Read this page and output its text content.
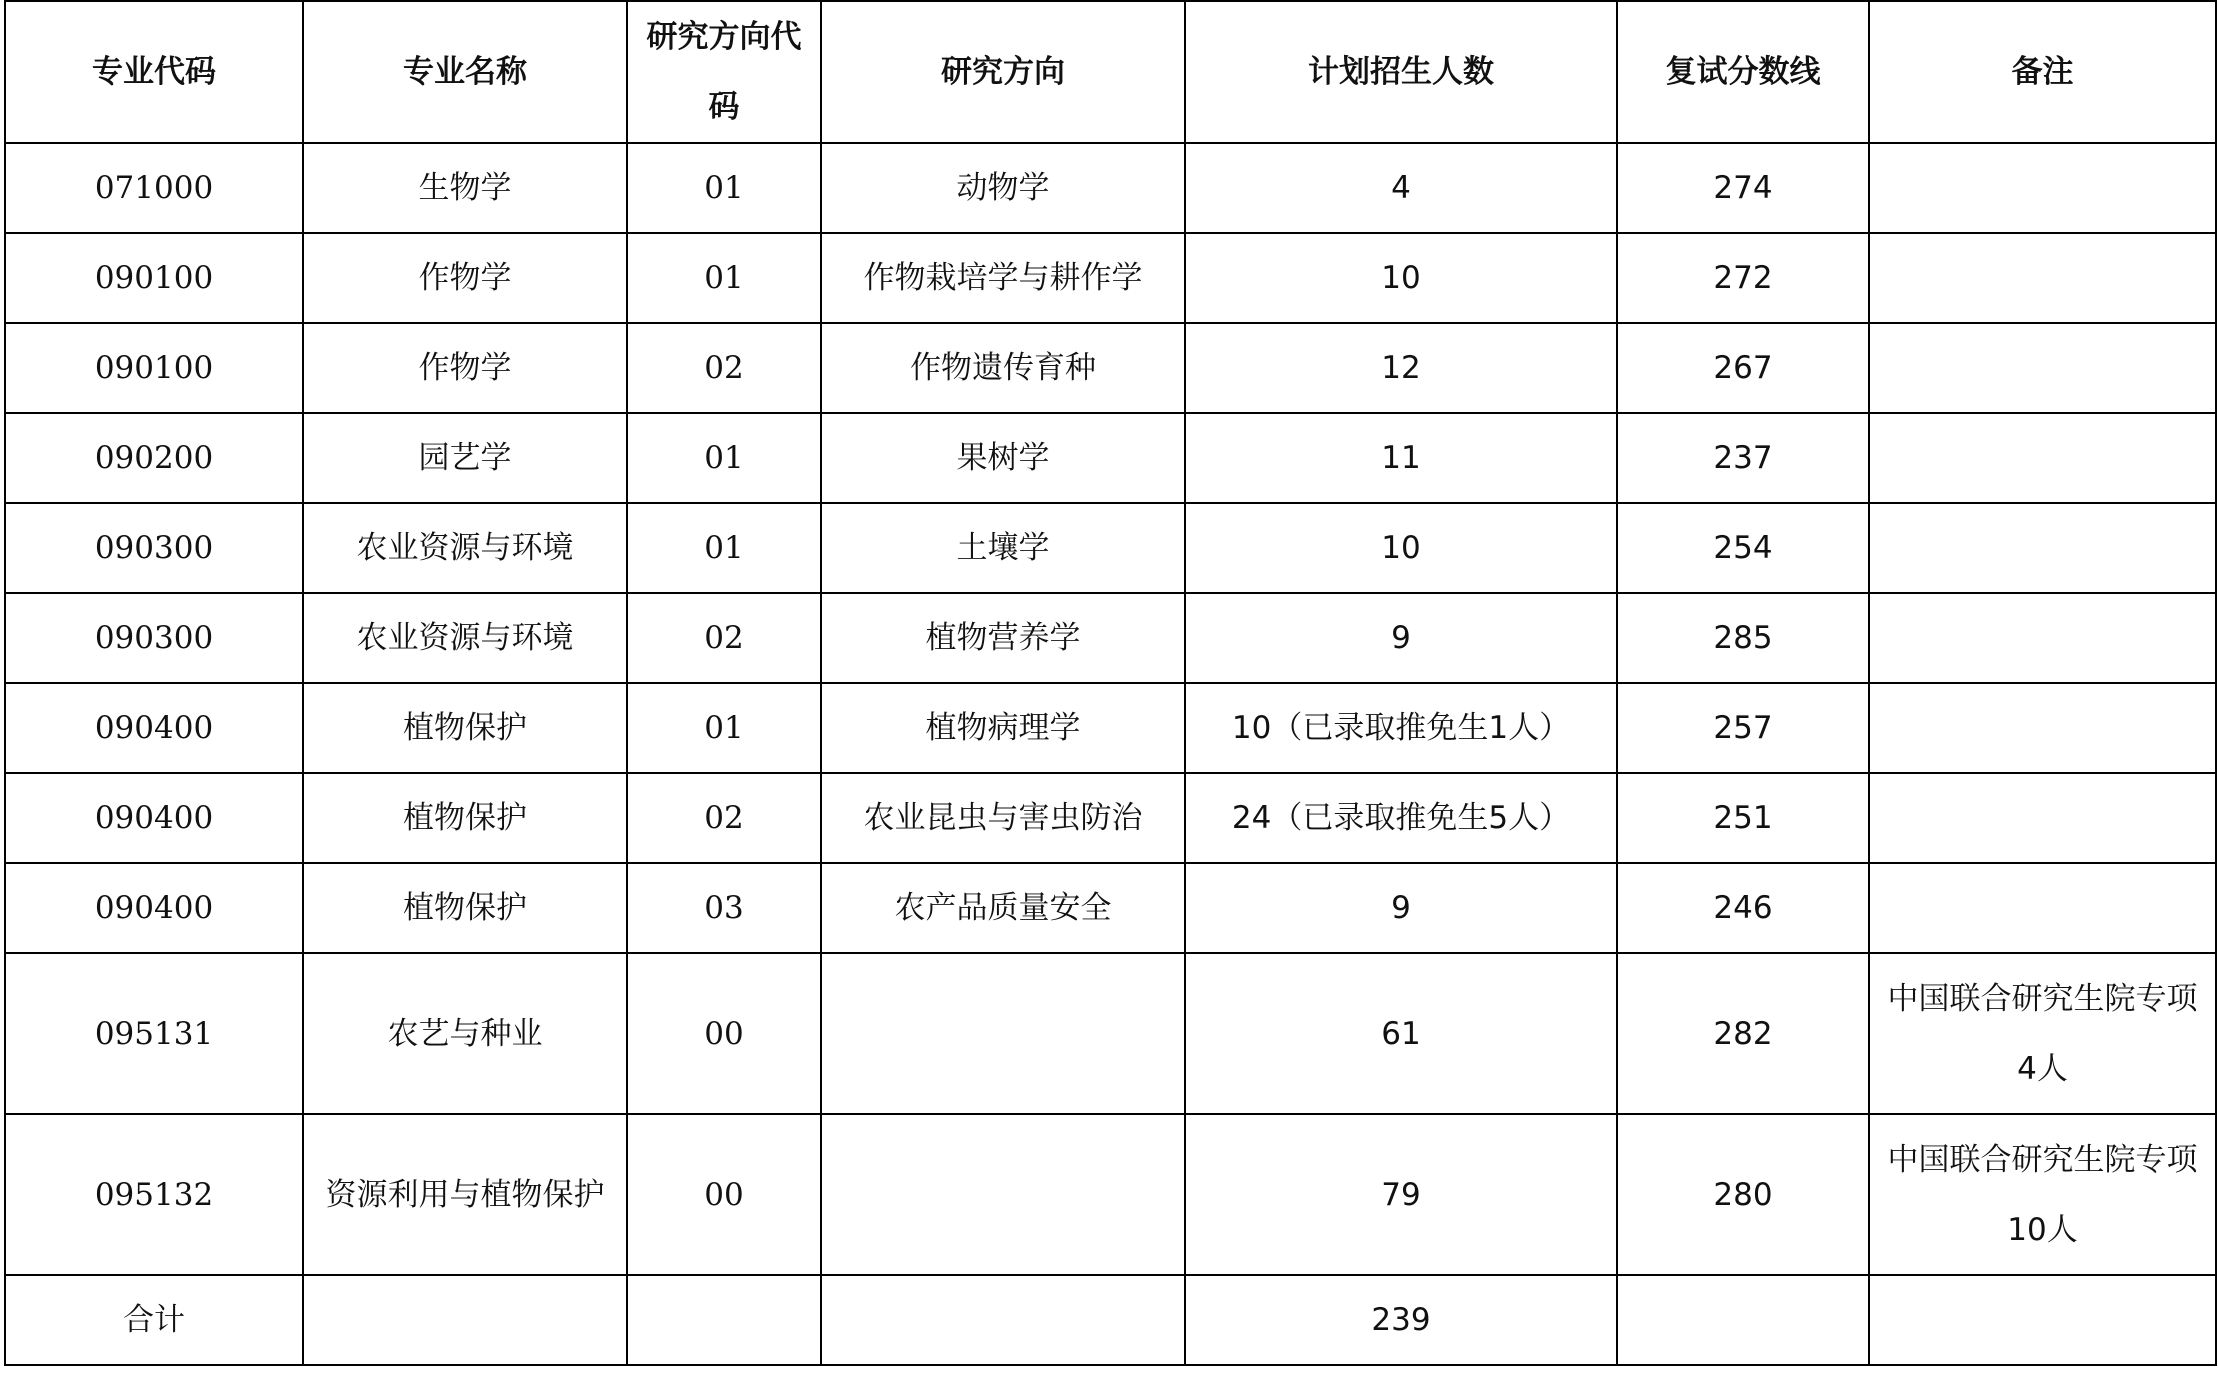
专业代码	专业名称	研究方向代码	研究方向	计划招生人数	复试分数线	备注
071000	生物学	01	动物学	4	274	
090100	作物学	01	作物栽培学与耕作学	10	272	
090100	作物学	02	作物遗传育种	12	267	
090200	园艺学	01	果树学	11	237	
090300	农业资源与环境	01	土壤学	10	254	
090300	农业资源与环境	02	植物营养学	9	285	
090400	植物保护	01	植物病理学	10（已录取推免生1人）	257	
090400	植物保护	02	农业昆虫与害虫防治	24（已录取推免生5人）	251	
090400	植物保护	03	农产品质量安全	9	246	
095131	农艺与种业	00		61	282	中国联合研究生院专项4人
095132	资源利用与植物保护	00		79	280	中国联合研究生院专项10人
合计				239		
